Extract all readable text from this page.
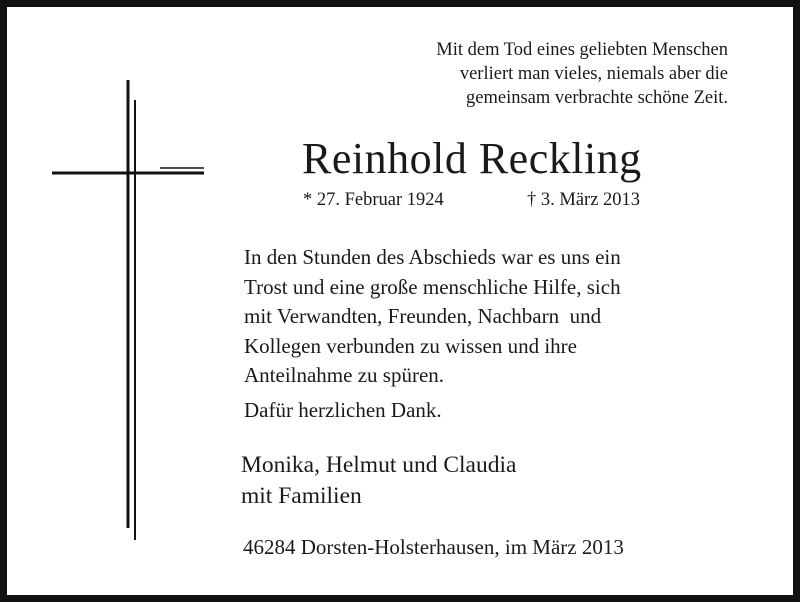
Mit dem Tod eines geliebten Menschen
verliert man vieles, niemals aber die
gemeinsam verbrachte schöne Zeit.
Reinhold Reckling
* 27. Februar 1924	† 3. März 2013
In den Stunden des Abschieds war es uns ein
Trost und eine große menschliche Hilfe, sich
mit Verwandten, Freunden, Nachbarn  und
Kollegen verbunden zu wissen und ihre
Anteilnahme zu spüren.
Dafür herzlichen Dank.
Monika, Helmut und Claudia
mit Familien
46284 Dorsten-Holsterhausen, im März 2013
